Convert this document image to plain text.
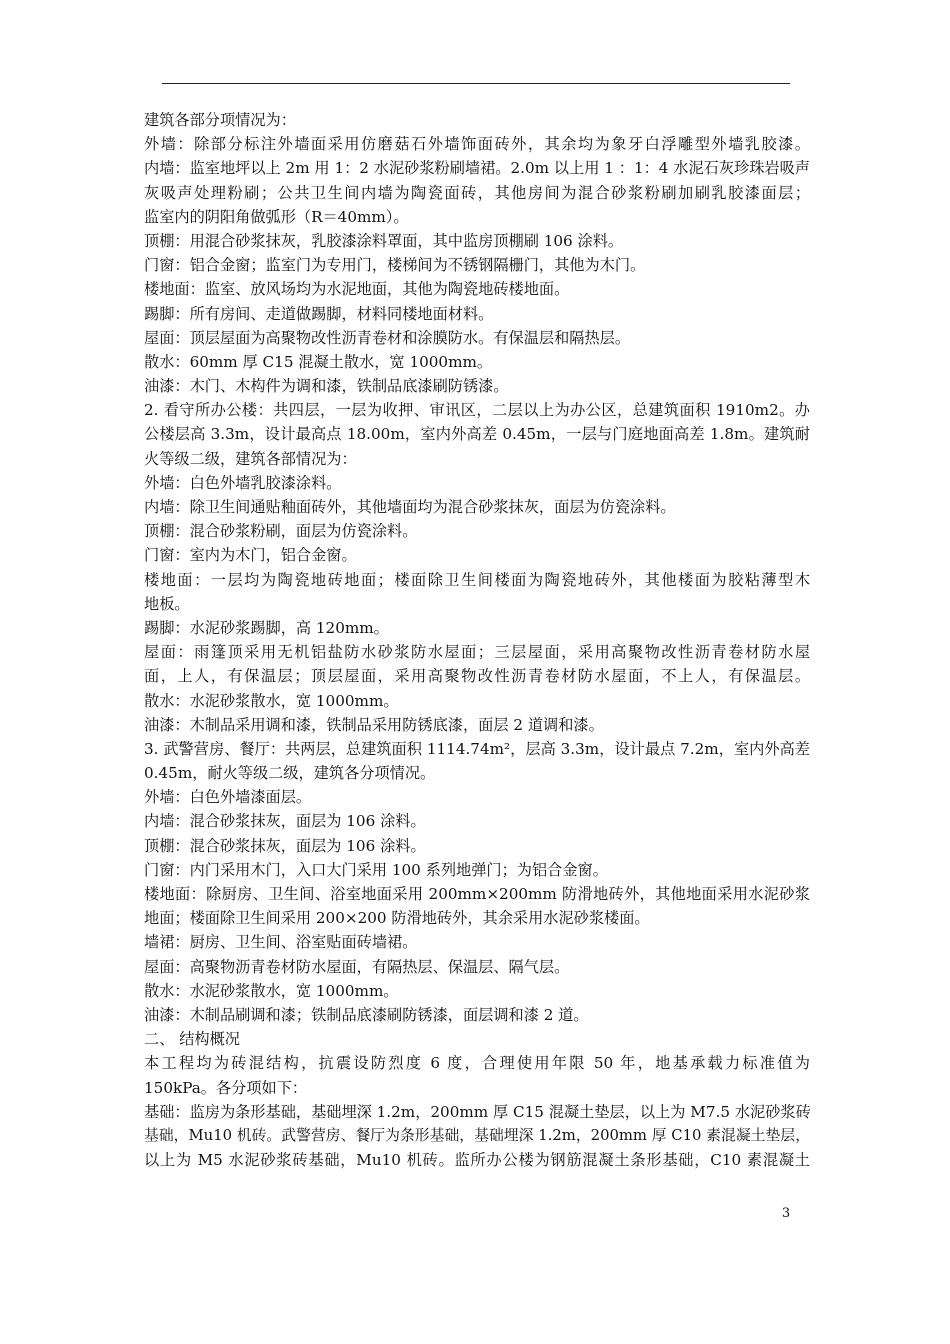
建筑各部分项情况为：
外墙：除部分标注外墙面采用仿磨菇石外墙饰面砖外，其余均为象牙白浮雕型外墙乳胶漆。
内墙：监室地坪以上 2m 用 1：2 水泥砂浆粉刷墙裙。2.0m 以上用 1 ：1：4 水泥石灰珍珠岩吸声
灰吸声处理粉刷；公共卫生间内墙为陶瓷面砖，其他房间为混合砂浆粉刷加刷乳胶漆面层；
监室内的阴阳角做弧形（R＝40mm）。
顶棚：用混合砂浆抹灰，乳胶漆涂料罩面，其中监房顶棚刷 106 涂料。
门窗：铝合金窗；监室门为专用门，楼梯间为不锈钢隔栅门，其他为木门。
楼地面：监室、放风场均为水泥地面，其他为陶瓷地砖楼地面。
踢脚：所有房间、走道做踢脚，材料同楼地面材料。
屋面：顶层屋面为高聚物改性沥青卷材和涂膜防水。有保温层和隔热层。
散水：60mm 厚 C15 混凝土散水，宽 1000mm。
油漆：木门、木构件为调和漆，铁制品底漆刷防锈漆。
2. 看守所办公楼：共四层，一层为收押、审讯区，二层以上为办公区，总建筑面积 1910m2。办
公楼层高 3.3m，设计最高点 18.00m，室内外高差 0.45m，一层与门庭地面高差 1.8m。建筑耐
火等级二级，建筑各部情况为：
外墙：白色外墙乳胶漆涂料。
内墙：除卫生间通贴釉面砖外，其他墙面均为混合砂浆抹灰，面层为仿瓷涂料。
顶棚：混合砂浆粉刷，面层为仿瓷涂料。
门窗：室内为木门，铝合金窗。
楼地面：一层均为陶瓷地砖地面；楼面除卫生间楼面为陶瓷地砖外，其他楼面为胶粘薄型木
地板。
踢脚：水泥砂浆踢脚，高 120mm。
屋面：雨篷顶采用无机铝盐防水砂浆防水屋面；三层屋面，采用高聚物改性沥青卷材防水屋
面，上人，有保温层；顶层屋面，采用高聚物改性沥青卷材防水屋面，不上人，有保温层。
散水：水泥砂浆散水，宽 1000mm。
油漆：木制品采用调和漆，铁制品采用防锈底漆，面层 2 道调和漆。
3. 武警营房、餐厅：共两层，总建筑面积 1114.74m²，层高 3.3m，设计最点 7.2m，室内外高差
0.45m，耐火等级二级，建筑各分项情况。
外墙：白色外墙漆面层。
内墙：混合砂浆抹灰，面层为 106 涂料。
顶棚：混合砂浆抹灰，面层为 106 涂料。
门窗：内门采用木门，入口大门采用 100 系列地弹门；为铝合金窗。
楼地面：除厨房、卫生间、浴室地面采用 200mm×200mm 防滑地砖外，其他地面采用水泥砂浆
地面；楼面除卫生间采用 200×200 防滑地砖外，其余采用水泥砂浆楼面。
墙裙：厨房、卫生间、浴室贴面砖墙裙。
屋面：高聚物沥青卷材防水屋面，有隔热层、保温层、隔气层。
散水：水泥砂浆散水，宽 1000mm。
油漆：木制品刷调和漆；铁制品底漆刷防锈漆，面层调和漆 2 道。
二、 结构概况
本工程均为砖混结构，抗震设防烈度 6 度，合理使用年限 50 年，地基承载力标准值为
150kPa。各分项如下：
基础：监房为条形基础，基础埋深 1.2m，200mm 厚 C15 混凝土垫层，以上为 M7.5 水泥砂浆砖
基础，Mu10 机砖。武警营房、餐厅为条形基础，基础埋深 1.2m，200mm 厚 C10 素混凝土垫层，
以上为 M5 水泥砂浆砖基础，Mu10 机砖。监所办公楼为钢筋混凝土条形基础，C10 素混凝土
3
